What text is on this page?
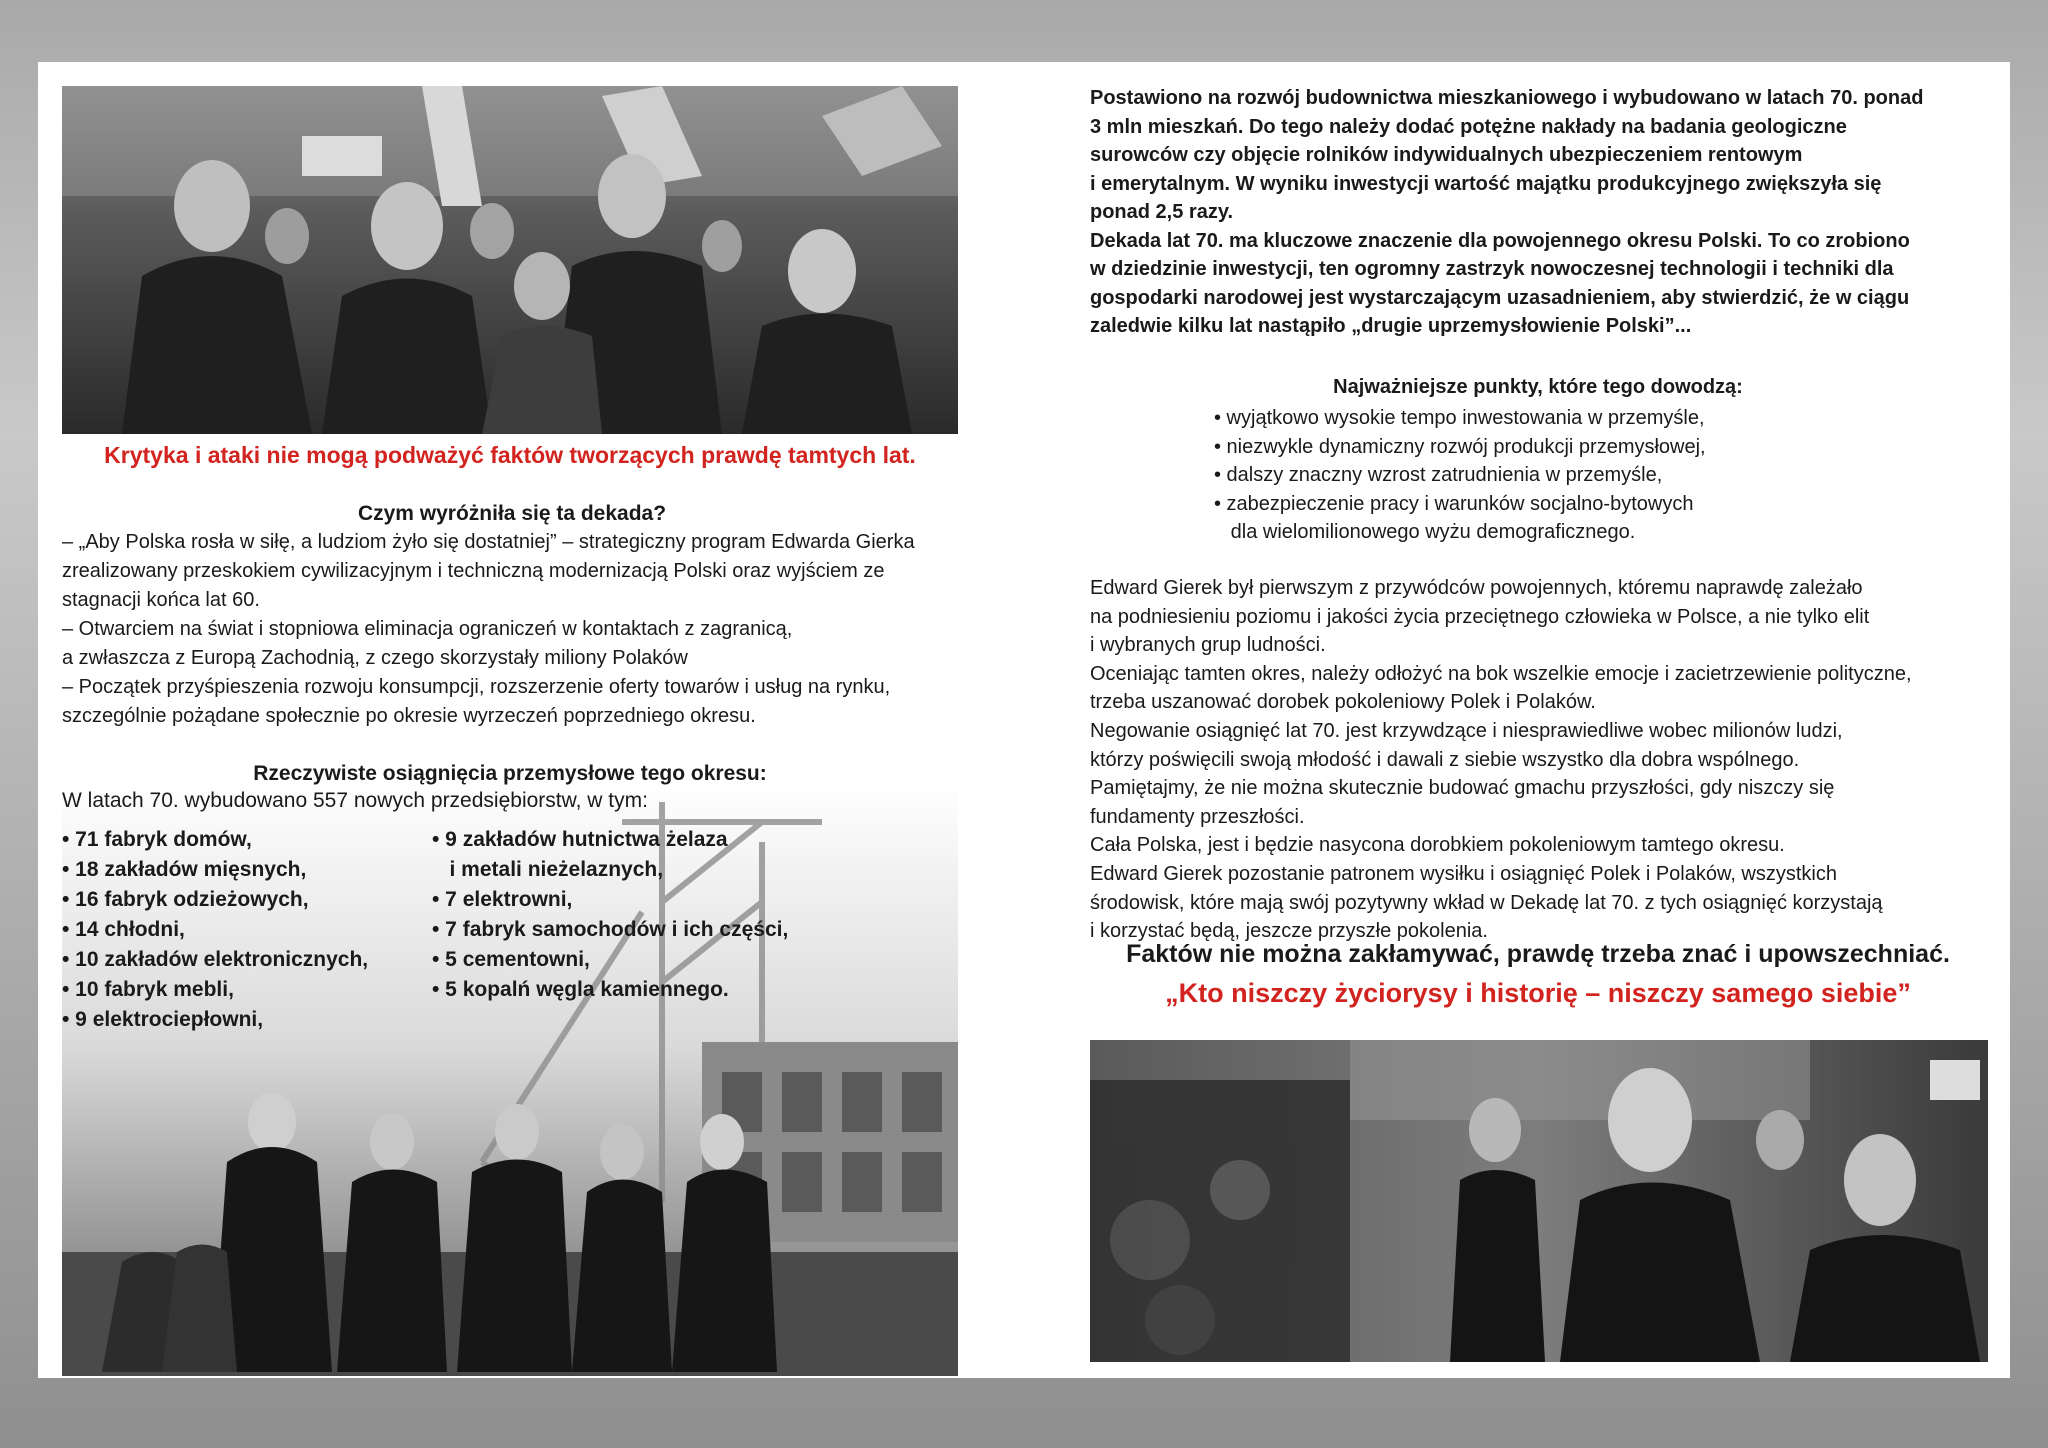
Krytyka i ataki nie mogą podważyć faktów tworzących prawdę tamtych lat.
Czym wyróżniła się ta dekada?
– „Aby Polska rosła w siłę, a ludziom żyło się dostatniej” – strategiczny program Edwarda Gierka
zrealizowany przeskokiem cywilizacyjnym i techniczną modernizacją Polski oraz wyjściem ze
stagnacji końca lat 60.
– Otwarciem na świat i stopniowa eliminacja ograniczeń w kontaktach z zagranicą,
a zwłaszcza z Europą Zachodnią, z czego skorzystały miliony Polaków
– Początek przyśpieszenia rozwoju konsumpcji, rozszerzenie oferty towarów i usług na rynku,
szczególnie pożądane społecznie po okresie wyrzeczeń poprzedniego okresu.
Rzeczywiste osiągnięcia przemysłowe tego okresu:
W latach 70. wybudowano 557 nowych przedsiębiorstw, w tym:
• 71 fabryk domów,
• 18 zakładów mięsnych,
• 16 fabryk odzieżowych,
• 14 chłodni,
• 10 zakładów elektronicznych,
• 10 fabryk mebli,
• 9 elektrociepłowni,
• 9 zakładów hutnictwa żelaza
i metali nieżelaznych,
• 7 elektrowni,
• 7 fabryk samochodów i ich części,
• 5 cementowni,
• 5 kopalń węgla kamiennego.
Postawiono na rozwój budownictwa mieszkaniowego i wybudowano w latach 70. ponad
3 mln mieszkań. Do tego należy dodać potężne nakłady na badania geologiczne
surowców czy objęcie rolników indywidualnych ubezpieczeniem rentowym
i emerytalnym. W wyniku inwestycji wartość majątku produkcyjnego zwiększyła się
ponad 2,5 razy.
Dekada lat 70. ma kluczowe znaczenie dla powojennego okresu Polski. To co zrobiono
w dziedzinie inwestycji, ten ogromny zastrzyk nowoczesnej technologii i techniki dla
gospodarki narodowej jest wystarczającym uzasadnieniem, aby stwierdzić, że w ciągu
zaledwie kilku lat nastąpiło „drugie uprzemysłowienie Polski”...
Najważniejsze punkty, które tego dowodzą:
• wyjątkowo wysokie tempo inwestowania w przemyśle,
• niezwykle dynamiczny rozwój produkcji przemysłowej,
• dalszy znaczny wzrost zatrudnienia w przemyśle,
• zabezpieczenie pracy i warunków socjalno-bytowych
dla wielomilionowego wyżu demograficznego.
Edward Gierek był pierwszym z przywódców powojennych, któremu naprawdę zależało
na podniesieniu poziomu i jakości życia przeciętnego człowieka w Polsce, a nie tylko elit
i wybranych grup ludności.
Oceniając tamten okres, należy odłożyć na bok wszelkie emocje i zacietrzewienie polityczne,
trzeba uszanować dorobek pokoleniowy Polek i Polaków.
Negowanie osiągnięć lat 70. jest krzywdzące i niesprawiedliwe wobec milionów ludzi,
którzy poświęcili swoją młodość i dawali z siebie wszystko dla dobra wspólnego.
Pamiętajmy, że nie można skutecznie budować gmachu przyszłości, gdy niszczy się
fundamenty przeszłości.
Cała Polska, jest i będzie nasycona dorobkiem pokoleniowym tamtego okresu.
Edward Gierek pozostanie patronem wysiłku i osiągnięć Polek i Polaków, wszystkich
środowisk, które mają swój pozytywny wkład w Dekadę lat 70. z tych osiągnięć korzystają
i korzystać będą, jeszcze przyszłe pokolenia.
Faktów nie można zakłamywać, prawdę trzeba znać i upowszechniać.
„Kto niszczy życiorysy i historię – niszczy samego siebie”
